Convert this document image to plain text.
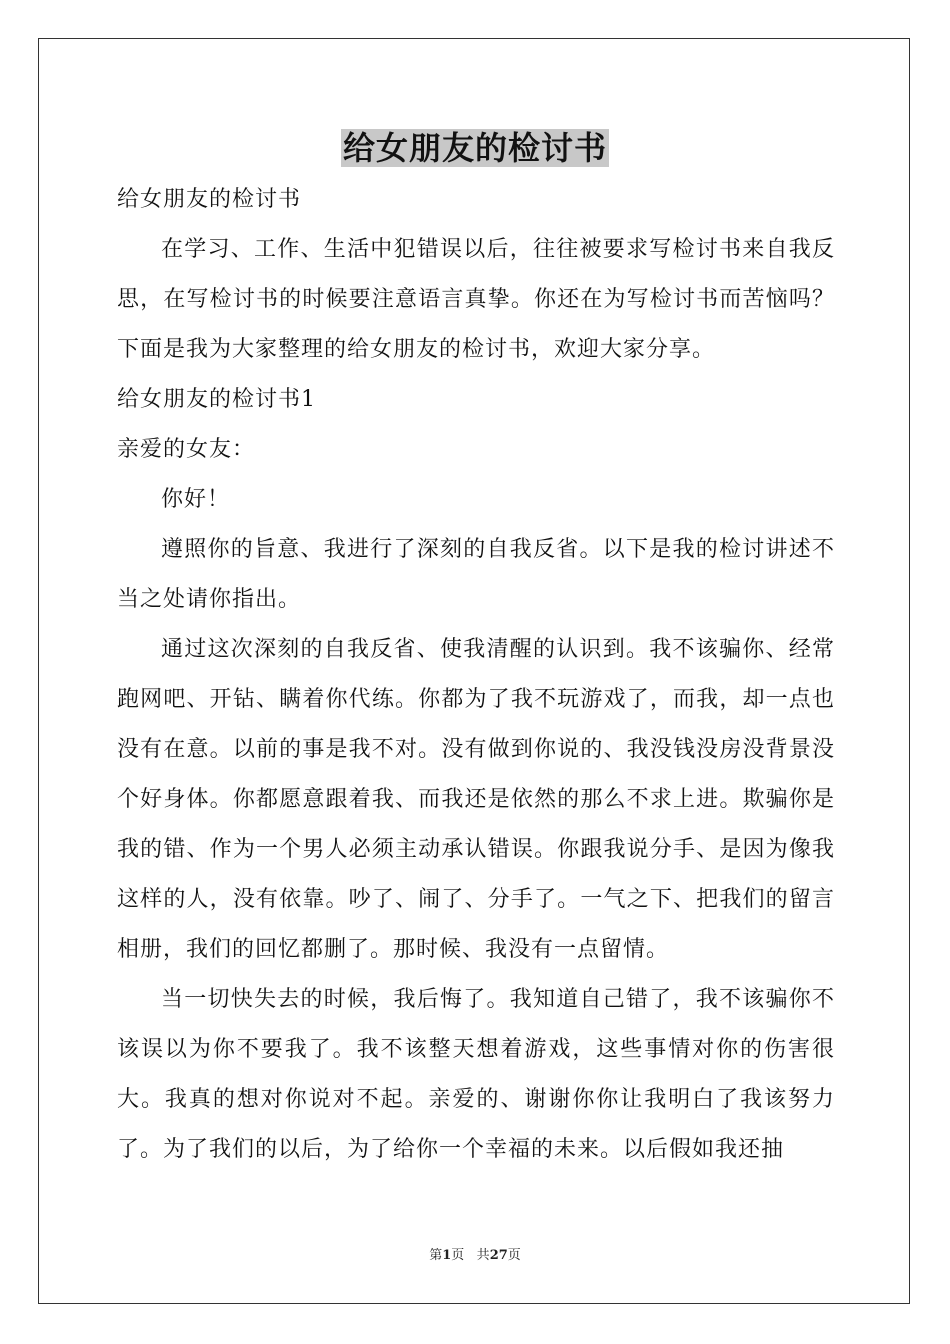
给女朋友的检讨书

给女朋友的检讨书

在学习、工作、生活中犯错误以后，往往被要求写检讨书来自我反思，在写检讨书的时候要注意语言真挚。你还在为写检讨书而苦恼吗？下面是我为大家整理的给女朋友的检讨书，欢迎大家分享。

给女朋友的检讨书1

亲爱的女友：

你好！

遵照你的旨意、我进行了深刻的自我反省。以下是我的检讨讲述不当之处请你指出。

通过这次深刻的自我反省、使我清醒的认识到。我不该骗你、经常跑网吧、开钻、瞒着你代练。你都为了我不玩游戏了，而我，却一点也没有在意。以前的事是我不对。没有做到你说的、我没钱没房没背景没个好身体。你都愿意跟着我、而我还是依然的那么不求上进。欺骗你是我的错、作为一个男人必须主动承认错误。你跟我说分手、是因为像我这样的人，没有依靠。吵了、闹了、分手了。一气之下、把我们的留言相册，我们的回忆都删了。那时候、我没有一点留情。

当一切快失去的时候，我后悔了。我知道自己错了，我不该骗你不该误以为你不要我了。我不该整天想着游戏，这些事情对你的伤害很大。我真的想对你说对不起。亲爱的、谢谢你你让我明白了我该努力了。为了我们的以后，为了给你一个幸福的未来。以后假如我还抽

第1页 共27页
